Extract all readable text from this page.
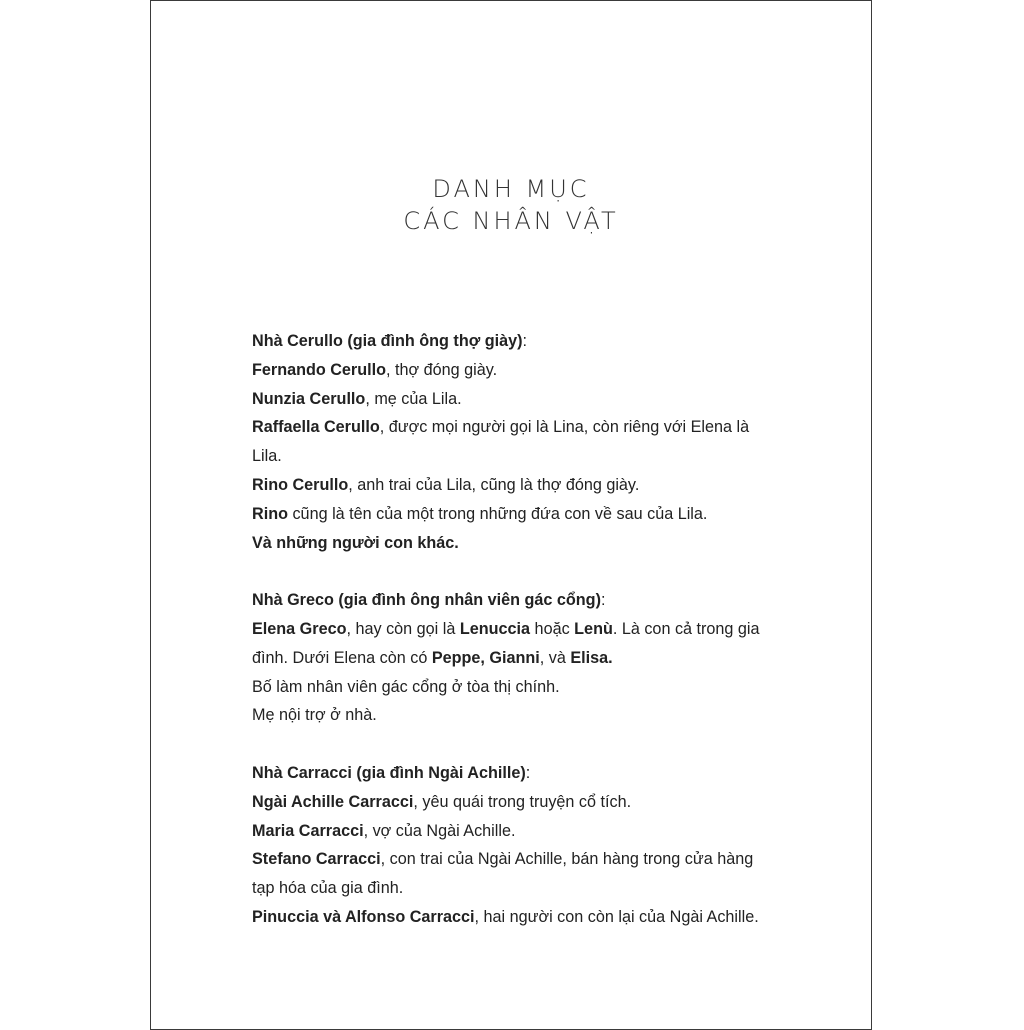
DANH MỤC
CÁC NHÂN VẬT
Nhà Cerullo (gia đình ông thợ giày):
Fernando Cerullo, thợ đóng giày.
Nunzia Cerullo, mẹ của Lila.
Raffaella Cerullo, được mọi người gọi là Lina, còn riêng với Elena là Lila.
Rino Cerullo, anh trai của Lila, cũng là thợ đóng giày.
Rino cũng là tên của một trong những đứa con về sau của Lila.
Và những người con khác.
Nhà Greco (gia đình ông nhân viên gác cổng):
Elena Greco, hay còn gọi là Lenuccia hoặc Lenù. Là con cả trong gia đình. Dưới Elena còn có Peppe, Gianni, và Elisa.
Bố làm nhân viên gác cổng ở tòa thị chính.
Mẹ nội trợ ở nhà.
Nhà Carracci (gia đình Ngài Achille):
Ngài Achille Carracci, yêu quái trong truyện cổ tích.
Maria Carracci, vợ của Ngài Achille.
Stefano Carracci, con trai của Ngài Achille, bán hàng trong cửa hàng tạp hóa của gia đình.
Pinuccia và Alfonso Carracci, hai người con còn lại của Ngài Achille.
